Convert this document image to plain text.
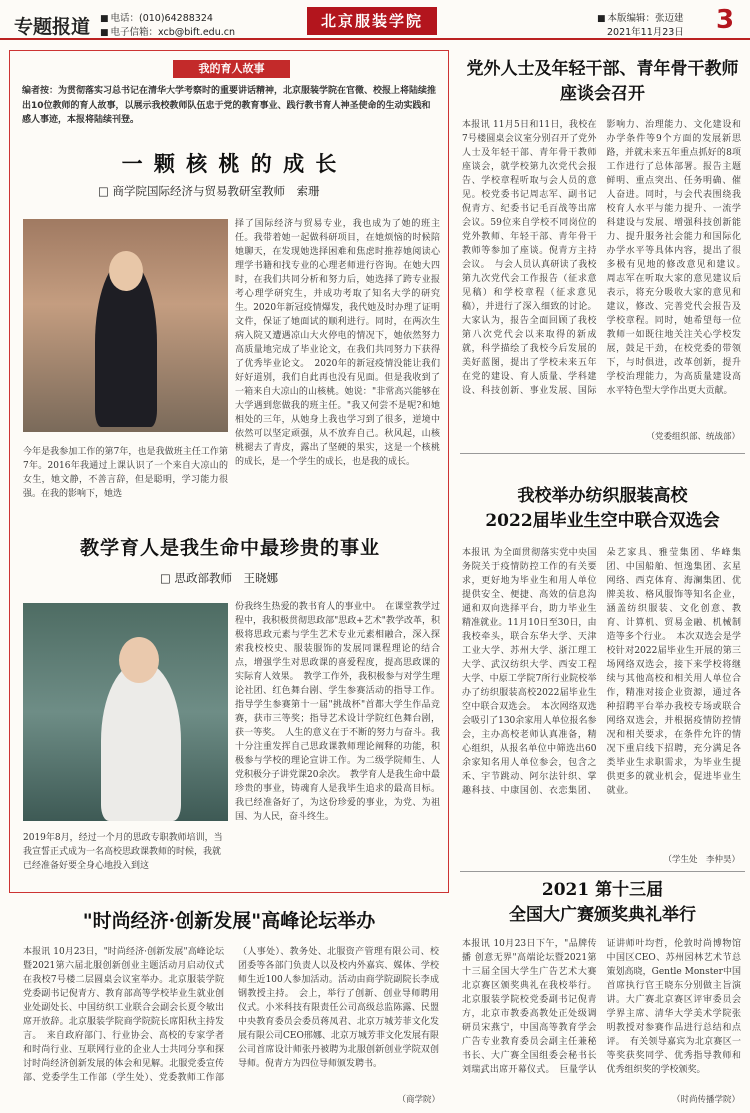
专题报道	■ 电话：(010)64288324
■ 电子信箱：xcb@bift.edu.cn
北京服装学院	■ 本版编辑：张迈建
2021年11月23日 3
我的育人故事
编者按：为贯彻落实习总书记在清华大学考察时的重要讲话精神，北京服装学院在官微、校报上将陆续推出10位教师的育人故事，以展示我校教师队伍忠于党的教育事业、践行教书育人神圣使命的生动实践和感人事迹，本报将陆续刊登。
一 颗 核 桃 的 成 长
□ 商学院国际经济与贸易教研室教师　索珊
择了国际经济与贸易专业，我也成为了她的班主任。我带着她一起做科研项目，在她烦恼的时候陪她聊天，在发现她选择困难和焦虑时推荐她阅读心理学书籍和找专业的心理老师进行咨询。在她大四时，在我们共同分析和努力后，她选择了跨专业报考心理学研究生，并成功考取了知名大学的研究生。2020年新冠疫情爆发，我代她及时办理了证明文件，保证了她面试的顺利进行。同时，在两次生病入院又遭遇凉山大火停电的情况下，她依然努力高质量地完成了毕业论文，在我们共同努力下获得了优秀毕业论文。　2020年的新冠疫情没能让我们好好道别，我们自此再也没有见面。但是我收到了一箱来自大凉山的山核桃。她说："非常高兴能够在大学遇到您做我的班主任。"我又何尝不是呢?和她相处的三年，从她身上我也学习到了很多，逆境中依然可以坚定顽强，从不放弃自己。秋风起，山核桃褪去了青皮，露出了坚硬的果实，这是一个核桃的成长，是一个学生的成长，也是我的成长。
今年是我参加工作的第7年，也是我做班主任工作第7年。2016年我通过上课认识了一个来自大凉山的女生，她文静，不善言辞，但是聪明，学习能力很强。在我的影响下，她选
教学育人是我生命中最珍贵的事业
□ 思政部教师　王晓娜
份我终生热爱的教书育人的事业中。　在课堂教学过程中，我积极贯彻思政部"思政+艺术"教学改革，积极将思政元素与学生艺术专业元素相融合，深入探索我校校史、服装服饰的发展同课程理论的结合点，增强学生对思政课的喜爱程度，提高思政课的实际育人效果。　教学工作外，我积极参与对学生理论社团、红色舞台剧、学生参赛活动的指导工作。指导学生参赛第十一届"挑战杯"首都大学生作品竞赛，获市三等奖；指导艺术设计学院红色舞台剧，获一等奖。　人生的意义在于不断的努力与奋斗。我十分注重发挥自己思政课教师理论阐释的功能，积极参与学校的理论宣讲工作。为二级学院师生、人党积极分子讲党课20余次。　教学育人是我生命中最珍贵的事业，铸魂育人是我毕生追求的最高目标。我已经准备好了，为这份珍爱的事业，为党、为祖国、为人民，奋斗终生。
2019年8月，经过一个月的思政专职教师培训，当我宣誓正式成为一名高校思政课教师的时候，我就已经准备好要全身心地投入到这
党外人士及年轻干部、青年骨干教师座谈会召开
本报讯 11月5日和11日，我校在7号楼圆桌会议室分别召开了党外人士及年轻干部、青年骨干教师座谈会，就学校第九次党代会报告、学校章程听取与会人员的意见。校党委书记周志军、副书记倪青方、纪委书记毛百战等出席会议。59位来自学校不同岗位的党外教师、年轻干部、青年骨干教师等参加了座谈。倪青方主持会议。　与会人员认真研读了我校第九次党代会工作报告（征求意见稿）和学校章程（征求意见稿），并进行了深入细致的讨论。大家认为，报告全面回顾了我校第八次党代会以来取得的新成就，科学描绘了我校今后发展的美好蓝图，提出了学校未来五年在党的建设、育人质量、学科建设、科技创新、事业发展、国际影响力、治理能力、文化建设和办学条件等9个方面的发展新思路，并就未来五年重点抓好的8项工作进行了总体部署。报告主题鲜明、重点突出、任务明确、催人奋进。同时，与会代表围绕我校育人水平与能力提升、一流学科建设与发展、增强科技创新能力、提升服务社会能力和国际化办学水平等具体内容，提出了很多极有见地的修改意见和建议。　周志军在听取大家的意见建议后表示，将充分吸收大家的意见和建议，修改、完善党代会报告及学校章程。同时，她希望每一位教师一如既往地关注关心学校发展，鼓足干劲，在校党委的带领下，与时俱进，改革创新，提升学校治理能力，为高质量建设高水平特色型大学作出更大贡献。
（党委组织部、统战部）
我校举办纺织服装高校
2022届毕业生空中联合双选会
本报讯 为全面贯彻落实党中央国务院关于疫情防控工作的有关要求，更好地为毕业生和用人单位提供安全、便捷、高效的信息沟通和双向选择平台，助力毕业生精准就业。11月10日至30日，由我校牵头，联合东华大学、天津工业大学、苏州大学、浙江理工大学、武汉纺织大学、西安工程大学、中原工学院7所行业院校举办了纺织服装高校2022届毕业生空中联合双选会。　本次网络双选会吸引了130余家用人单位报名参会，主办高校老师认真准备，精心组织，从报名单位中筛选出60余家知名用人单位参会，包含之禾、宇节跳动、阿尔法针织、掌趣科技、中康国创、衣恋集团、朵艺家具、雅莹集团、华峰集团、中国船舶、恒逸集团、玄星网络、西克体育、海澜集团、优牌美妆、格风服饰等知名企业，涵盖纺织服装、文化创意、教育、计算机、贸易金融、机械制造等多个行业。　本次双选会是学校针对2022届毕业生开展的第三场网络双选会，接下来学校将继续与其他高校和相关用人单位合作，精准对接企业资源，通过各种招聘平台举办我校专场或联合网络双选会，并根据疫情防控情况和相关要求，在条件允许的情况下重启线下招聘，充分满足各类毕业生求职需求，为毕业生提供更多的就业机会，促进毕业生就业。
（学生处　李仲昊）
2021 第十三届
全国大广赛颁奖典礼举行
本报讯 10月23日下午，"品牌传播 创意无界"高端论坛暨2021第十三届全国大学生广告艺术大赛北京赛区颁奖典礼在我校举行。北京服装学院校党委副书记倪青方，北京市教委高教处正处级调研员宋燕宁，中国高等教育学会广告专业教育委员会副主任兼秘书长、大广赛全国组委会秘书长刘瑞武出席开幕仪式。　巨量学认证讲师叶均哲，伦敦时尚博物馆中国区CEO、苏州园林艺术节总策划高晓，Gentle Monster中国首席执行官王晓东分别做主旨演讲。大广赛北京赛区评审委员会学界主席、清华大学美术学院张明教授对参赛作品进行总结和点评。　有关领导嘉宾为北京赛区一等奖获奖同学、优秀指导教师和优秀组织奖的学校颁奖。
（时尚传播学院）
"时尚经济·创新发展"高峰论坛举办
本报讯 10月23日，"时尚经济·创新发展"高峰论坛暨2021第六届北服创新创业主题活动月启动仪式在我校7号楼二层圆桌会议室举办。北京服装学院党委副书记倪青方、教育部高等学校毕业生就业创业处副处长、中国纺织工业联合会副会长夏令敏出席开放辞。北京服装学院商学院院长席阳秋主持发言。　来自政府部门、行业协会、高校的专家学者和时尚行业、互联网行业的企业人士共同分享和探讨时尚经济创新发展的体会和见解。北服党委宣传部、党委学生工作部（学生处）、党委教师工作部（人事处）、教务处、北服资产管理有限公司、校团委等各部门负责人以及校内外嘉宾、媒体、学校师生近100人参加活动。活动由商学院副院长李成钢教授主持。　会上，举行了创新、创业导师聘用仪式。小米科技有限责任公司高级总监陈露、民盟中央教育委员会委员蒋凤君、北京万城芳菲文化发展有限公司CEO邢娜、北京万城芳菲文化发展有限公司首席设计师张丹被聘为北服创新创业学院双创导师。倪青方为四位导师颁发聘书。
（商学院）
